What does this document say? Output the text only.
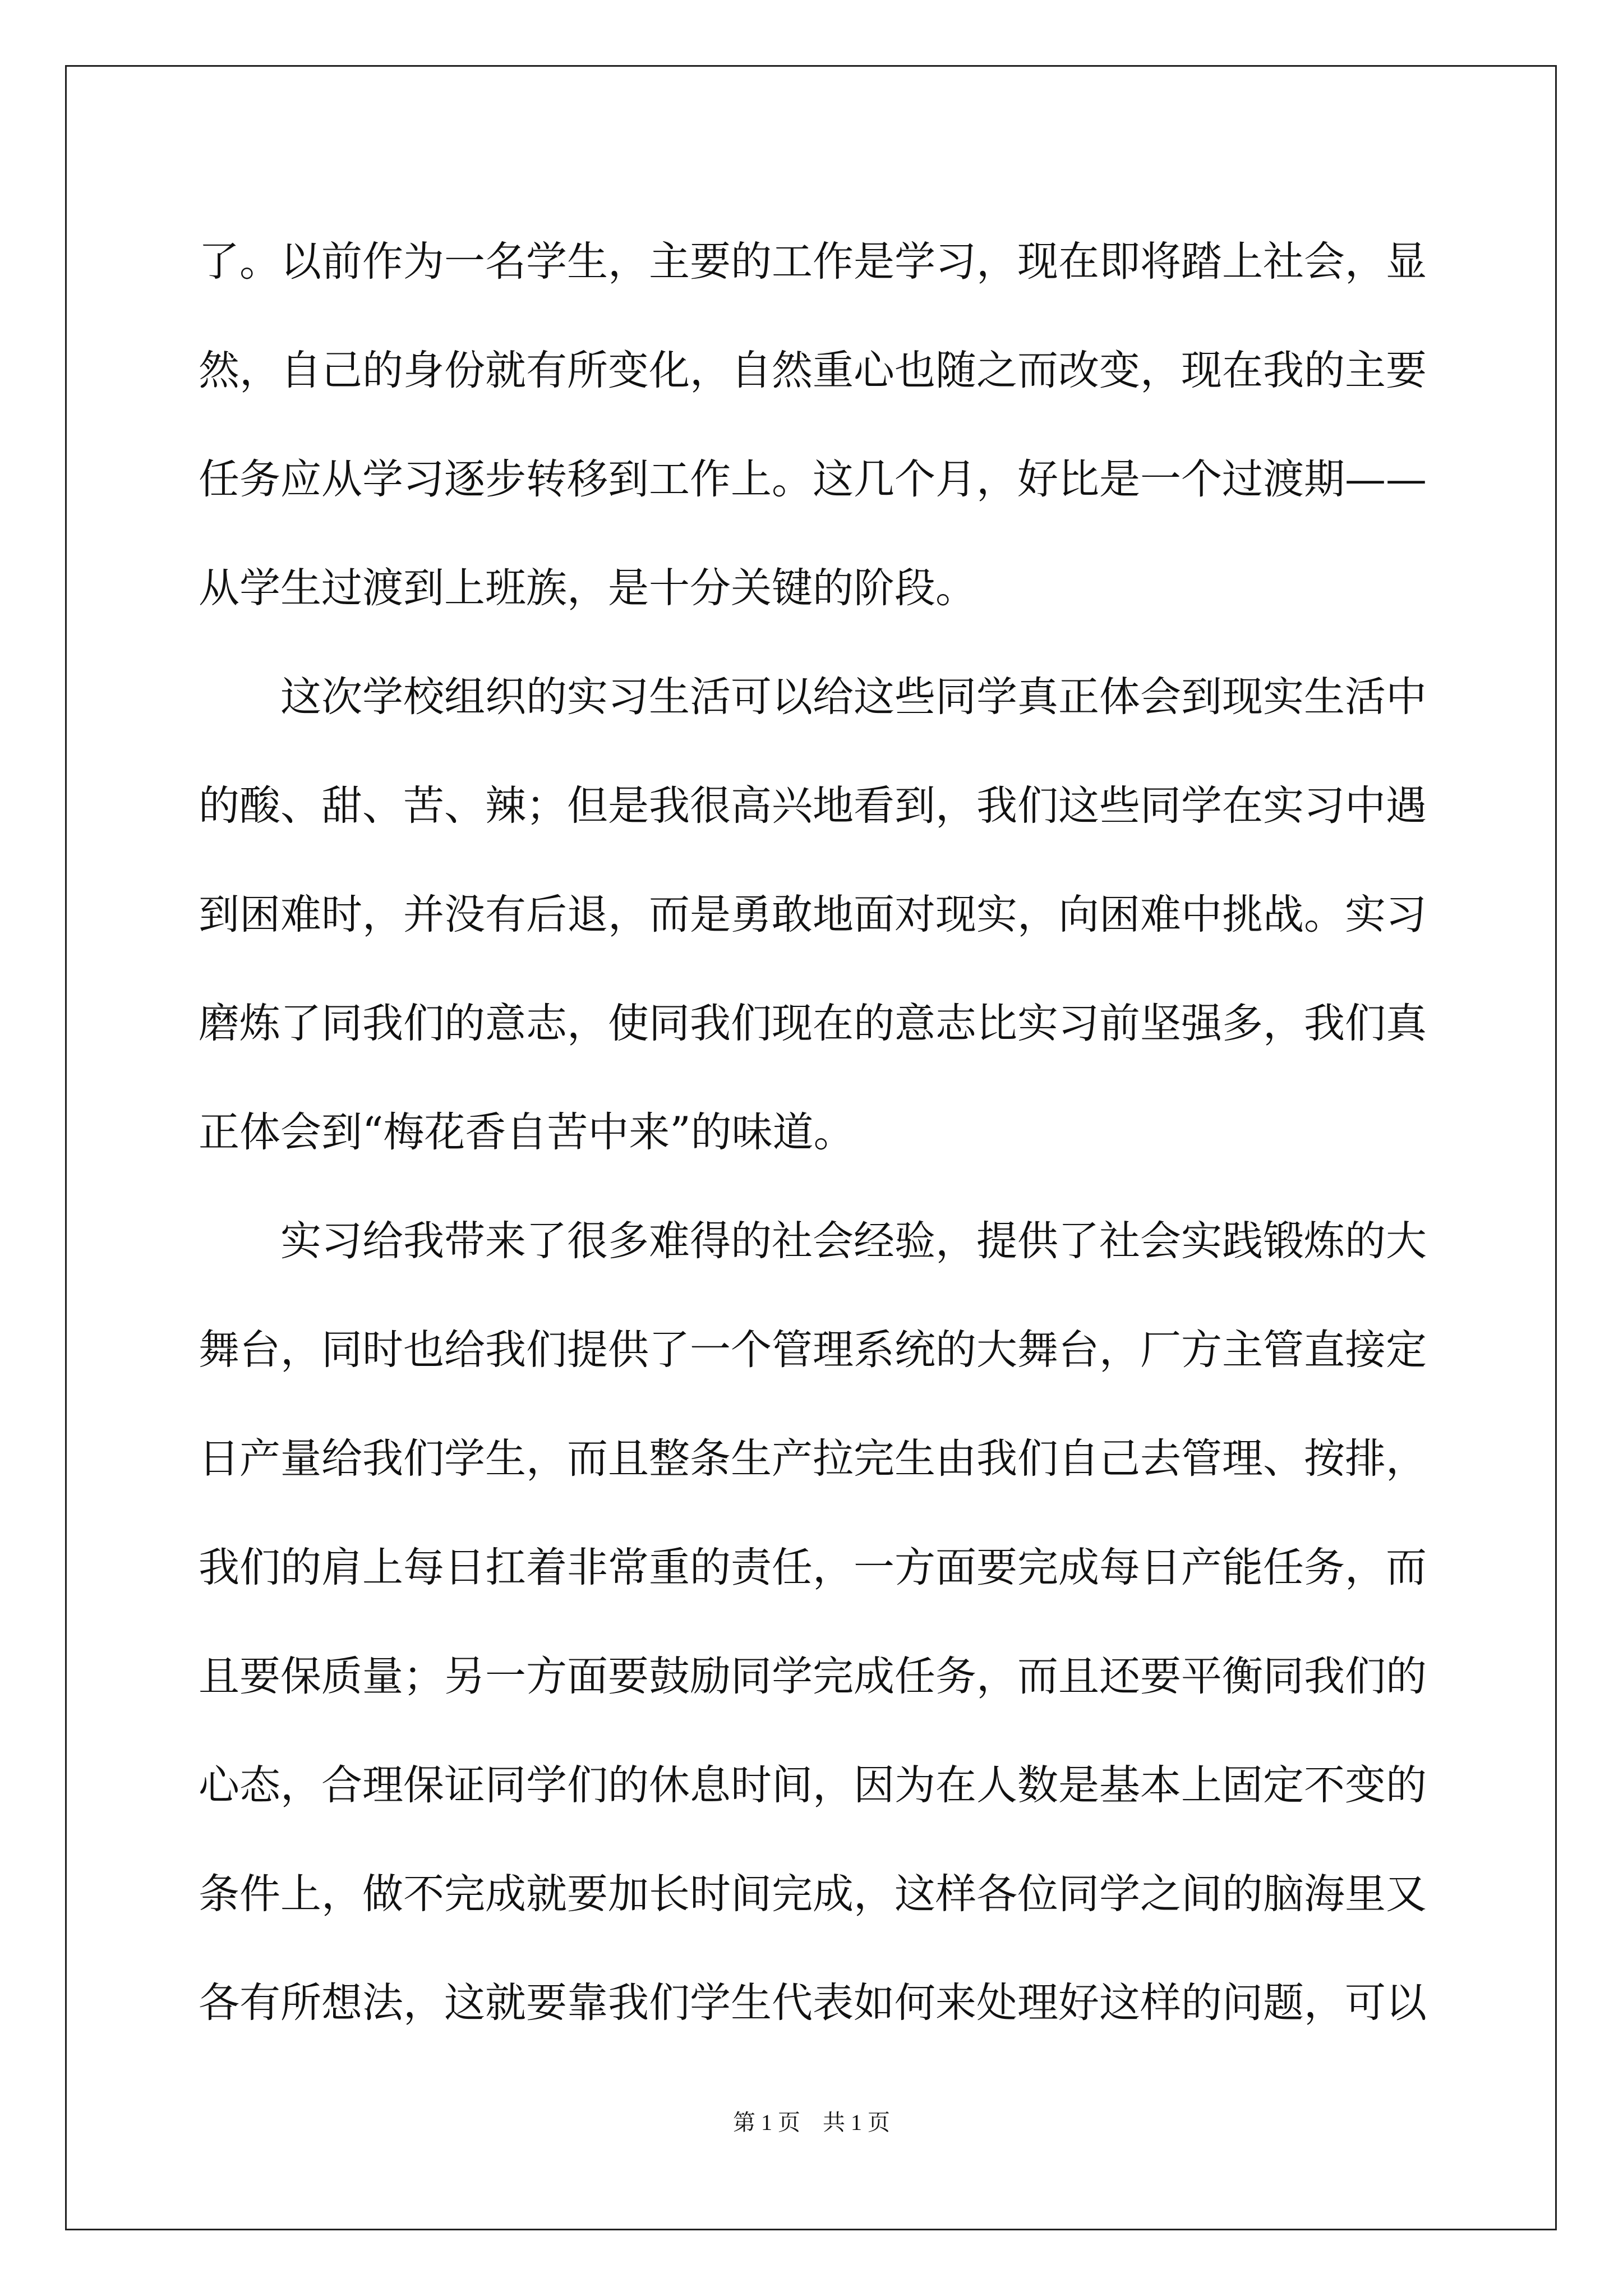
了。以前作为一名学生，主要的工作是学习，现在即将踏上社会，显
然，自己的身份就有所变化，自然重心也随之而改变，现在我的主要
任务应从学习逐步转移到工作上。这几个月，好比是一个过渡期——
从学生过渡到上班族，是十分关键的阶段。
这次学校组织的实习生活可以给这些同学真正体会到现实生活中
的酸、甜、苦、辣；但是我很高兴地看到，我们这些同学在实习中遇
到困难时，并没有后退，而是勇敢地面对现实，向困难中挑战。实习
磨炼了同我们的意志，使同我们现在的意志比实习前坚强多，我们真
正体会到“梅花香自苦中来”的味道。
实习给我带来了很多难得的社会经验，提供了社会实践锻炼的大
舞台，同时也给我们提供了一个管理系统的大舞台，厂方主管直接定
日产量给我们学生，而且整条生产拉完生由我们自己去管理、按排，
我们的肩上每日扛着非常重的责任，一方面要完成每日产能任务，而
且要保质量；另一方面要鼓励同学完成任务，而且还要平衡同我们的
心态，合理保证同学们的休息时间，因为在人数是基本上固定不变的
条件上，做不完成就要加长时间完成，这样各位同学之间的脑海里又
各有所想法，这就要靠我们学生代表如何来处理好这样的问题，可以
第 1 页　共 1 页
